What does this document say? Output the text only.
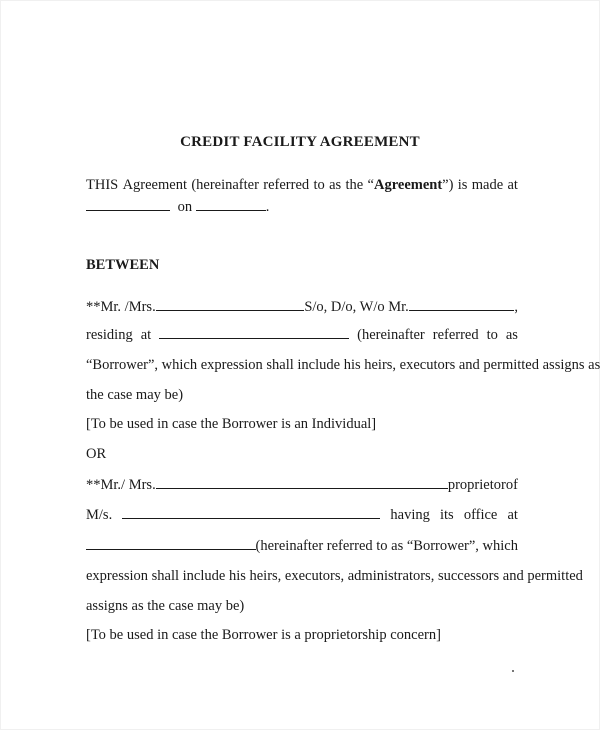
CREDIT FACILITY AGREEMENT
THIS Agreement (hereinafter referred to as the “Agreement”) is made at
on	.
BETWEEN
**Mr. /Mrs.	S/o, D/o, W/o Mr.	,
residing at	(hereinafter referred to as
“Borrower”, which expression shall include his heirs, executors and permitted assigns as
the case may be)
[To be used in case the Borrower is an Individual]
OR
**Mr./ Mrs.	proprietor of
M/s.	having its office at
(hereinafter referred to as “Borrower”, which
expression shall include his heirs, executors, administrators, successors and permitted
assigns as the case may be)
[To be used in case the Borrower is a proprietorship concern]
